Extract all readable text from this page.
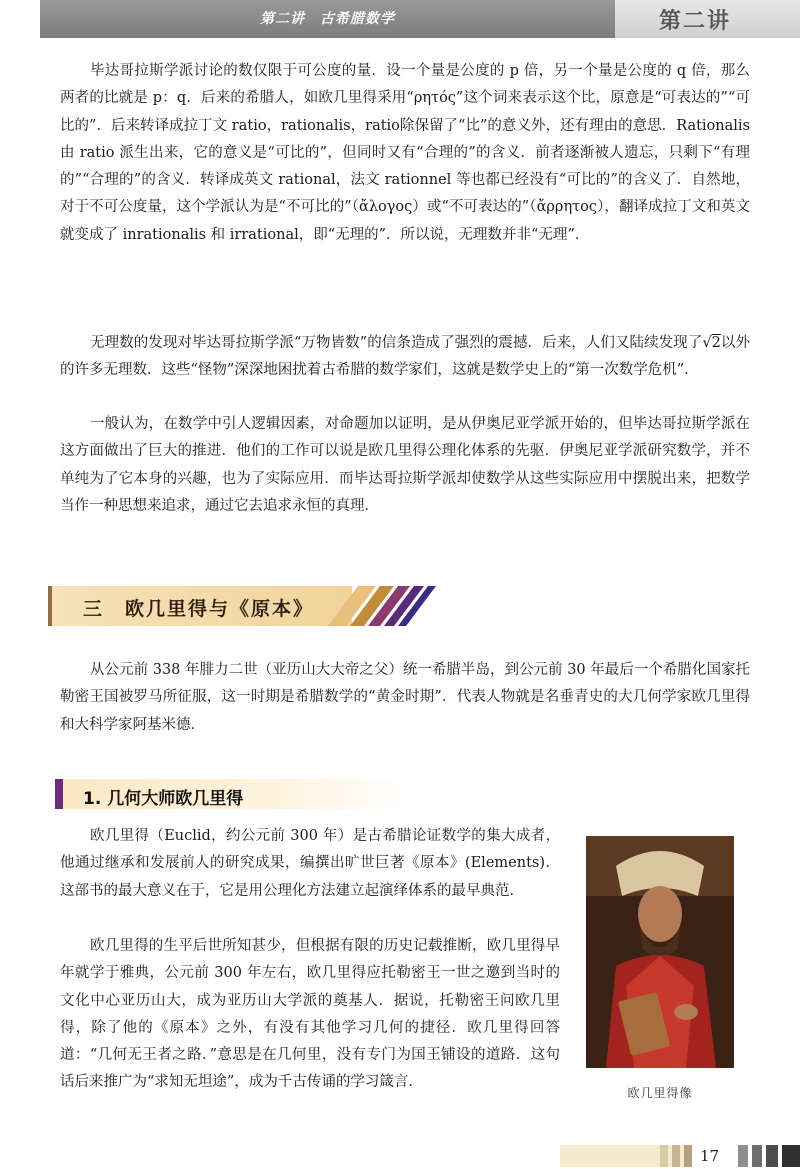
第二讲　古希腊数学	第二讲

毕达哥拉斯学派讨论的数仅限于可公度的量．设一个量是公度的 p 倍，另一个量是公度的 q 倍，那么两者的比就是 p：q．后来的希腊人，如欧几里得采用“ρητός”这个词来表示这个比，原意是“可表达的”“可比的”．后来转译成拉丁文 ratio，rationalis，ratio除保留了“比”的意义外，还有理由的意思．Rationalis 由 ratio 派生出来，它的意义是“可比的”，但同时又有“合理的”的含义．前者逐渐被人遗忘，只剩下“有理的”“合理的”的含义．转译成英文 rational，法文 rationnel 等也都已经没有“可比的”的含义了．自然地，对于不可公度量，这个学派认为是“不可比的”（ἄλογος）或“不可表达的”（ἄρρητος），翻译成拉丁文和英文就变成了 inrationalis 和 irrational，即“无理的”．所以说，无理数并非“无理”．

无理数的发现对毕达哥拉斯学派“万物皆数”的信条造成了强烈的震撼．后来，人们又陆续发现了√2以外的许多无理数．这些“怪物”深深地困扰着古希腊的数学家们，这就是数学史上的“第一次数学危机”．

一般认为，在数学中引人逻辑因素，对命题加以证明，是从伊奥尼亚学派开始的，但毕达哥拉斯学派在这方面做出了巨大的推进．他们的工作可以说是欧几里得公理化体系的先驱．伊奥尼亚学派研究数学，并不单纯为了它本身的兴趣，也为了实际应用．而毕达哥拉斯学派却使数学从这些实际应用中摆脱出来，把数学当作一种思想来追求，通过它去追求永恒的真理．

三　 欧几里得与《原本》

从公元前 338 年腓力二世（亚历山大大帝之父）统一希腊半岛，到公元前 30 年最后一个希腊化国家托勒密王国被罗马所征服，这一时期是希腊数学的“黄金时期”．代表人物就是名垂青史的大几何学家欧几里得和大科学家阿基米德．

1. 几何大师欧几里得

欧几里得（Euclid，约公元前 300 年）是古希腊论证数学的集大成者，他通过继承和发展前人的研究成果，编撰出旷世巨著《原本》(Elements)．这部书的最大意义在于，它是用公理化方法建立起演绎体系的最早典范．

欧几里得的生平后世所知甚少，但根据有限的历史记载推断，欧几里得早年就学于雅典，公元前 300 年左右，欧几里得应托勒密王一世之邀到当时的文化中心亚历山大，成为亚历山大学派的奠基人．据说，托勒密王问欧几里得，除了他的《原本》之外，有没有其他学习几何的捷径．欧几里得回答道：“几何无王者之路．”意思是在几何里，没有专门为国王铺设的道路．这句话后来推广为“求知无坦途”，成为千古传诵的学习箴言．

欧几里得像
17
